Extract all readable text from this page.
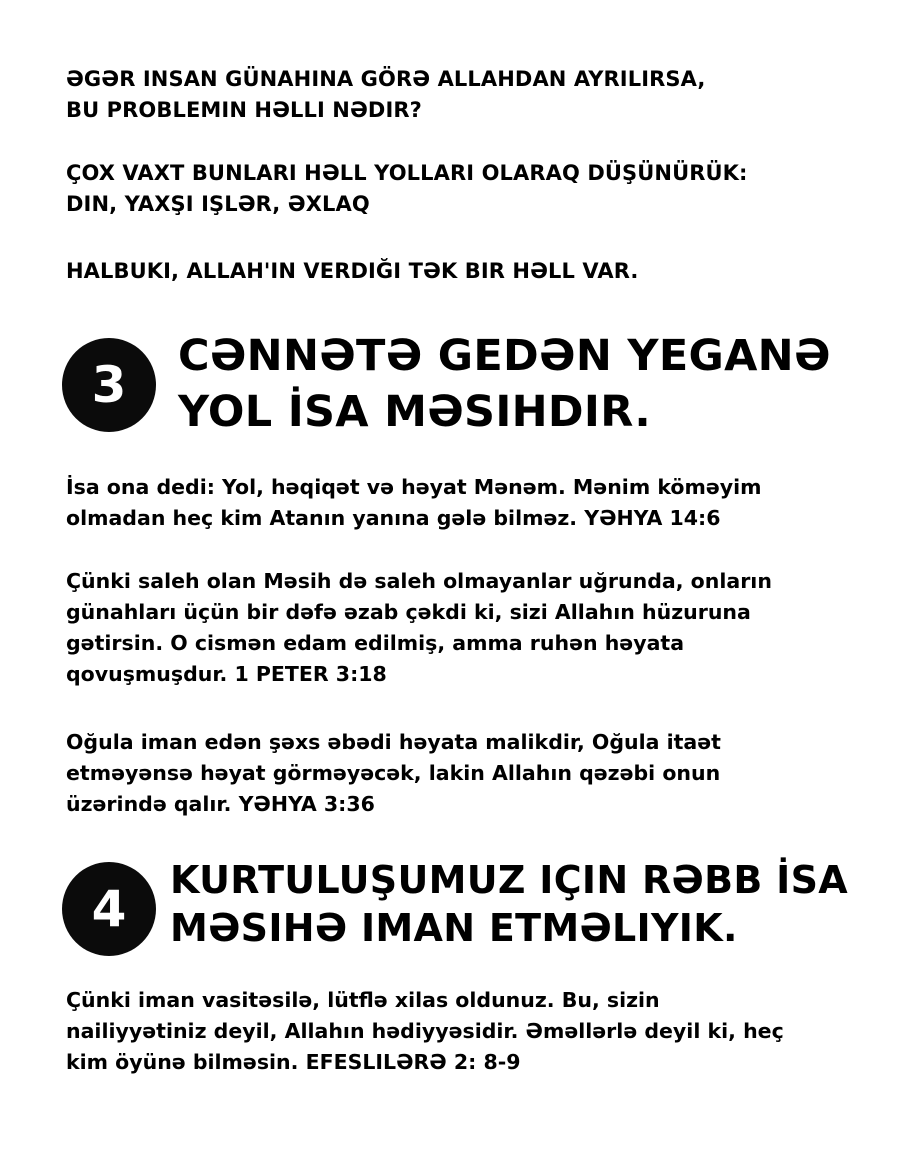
ƏGƏR INSAN GÜNAHINA GÖRƏ ALLAHDAN AYRILIRSA,

BU PROBLEMIN HƏLLI NƏDIR?

ÇOX VAXT BUNLARI HƏLL YOLLARI OLARAQ DÜŞÜNÜRÜK:

DIN, YAXŞI IŞLƏR, ƏXLAQ

HALBUKI, ALLAH'IN VERDIĞI TƏK BIR HƏLL VAR.

3	CƏNNƏTƏ GEDƏN YEGANƏ
YOL İSA MƏSIHDIR.

İsa ona dedi: Yol, həqiqət və həyat Mənəm. Mənim köməyim
olmadan heç kim Atanın yanına gələ bilməz. YƏHYA 14:6

Çünki saleh olan Məsih də saleh olmayanlar uğrunda, onların
günahları üçün bir dəfə əzab çəkdi ki, sizi Allahın hüzuruna
gətirsin. O cismən edam edilmiş, amma ruhən həyata
qovuşmuşdur. 1 PETER 3:18

Oğula iman edən şəxs əbədi həyata malikdir, Oğula itaət
etməyənsə həyat görməyəcək, lakin Allahın qəzəbi onun
üzərində qalır. YƏHYA 3:36

4	KURTULUŞUMUZ IÇIN RƏBB İSA
MƏSIHƏ IMAN ETMƏLIYIK.

Çünki iman vasitəsilə, lütflə xilas oldunuz. Bu, sizin
nailiyyətiniz deyil, Allahın hədiyyəsidir. Əməllərlə deyil ki, heç
kim öyünə bilməsin. EFESLILƏRƏ 2: 8-9
